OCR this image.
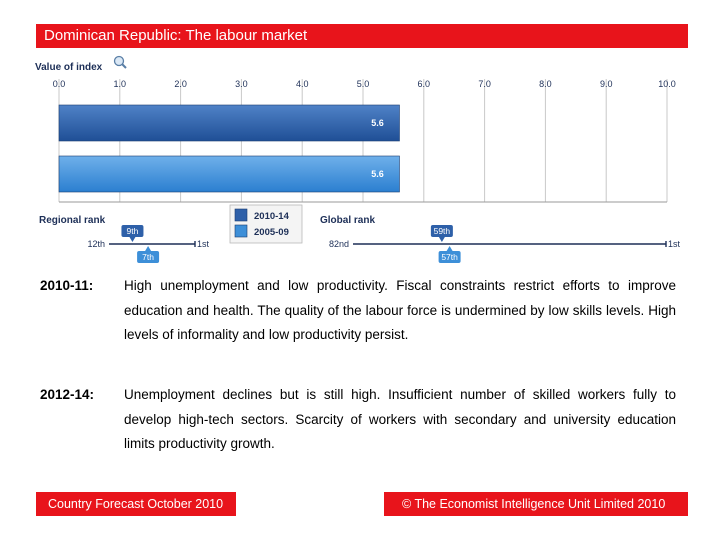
Dominican Republic: The labour market
Value of index
0.0	1.0	2.0	3.0	4.0	5.0	6.0	7.0	8.0	9.0	10.0
5.6
5.6
2010-14
2005-09
Regional rank
12th	1st
9th
7th
Global rank
82nd	1st
59th
57th
2010-11: High unemployment and low productivity. Fiscal constraints restrict efforts to improve education and health. The quality of the labour force is undermined by low skills levels. High levels of informality and low productivity persist.
2012-14: Unemployment declines but is still high. Insufficient number of skilled workers fully to develop high-tech sectors. Scarcity of workers with secondary and university education limits productivity growth.
Country Forecast October 2010	© The Economist Intelligence Unit Limited 2010
